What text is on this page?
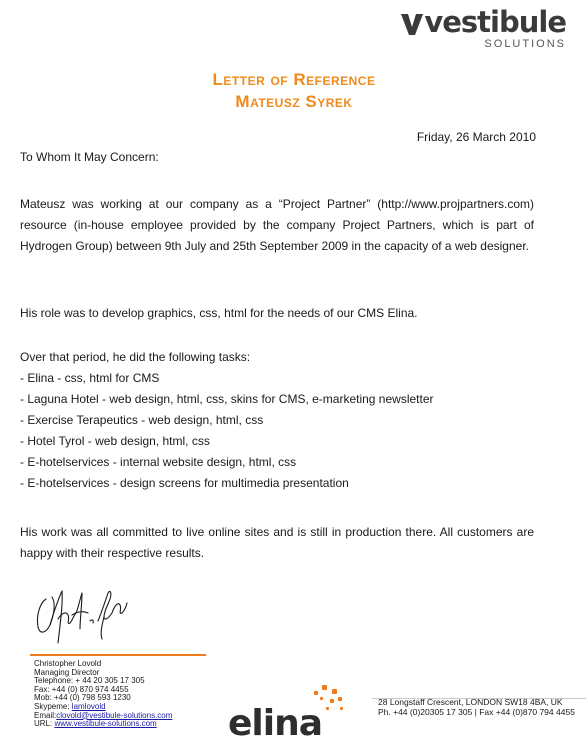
vestibule
SOLUTIONS
Letter of Reference
Mateusz Syrek
Friday, 26 March 2010
To Whom It May Concern:
Mateusz was working at our company as a “Project Partner” (http://www.projpartners.com) resource (in-house employee provided by the company Project Partners, which is part of Hydrogen Group) between 9th July and 25th September 2009 in the capacity of a web designer.
His role was to develop graphics, css, html for the needs of our CMS Elina.
Over that period, he did the following tasks:
- Elina - css, html for CMS
- Laguna Hotel - web design, html, css, skins for CMS, e-marketing newsletter
- Exercise Terapeutics - web design, html, css
- Hotel Tyrol - web design, html, css
- E-hotelservices - internal website design, html, css
- E-hotelservices - design screens for multimedia presentation
His work was all committed to live online sites and is still in production there. All customers are happy with their respective results.
Christopher Lovold
Managing Director
Telephone: + 44 20 305 17 305
Fax: +44 (0) 870 974 4455
Mob: +44 (0) 798 593 1230
Skypeme: lamlovold
Email:clovold@vestibule-solutions.com
URL: www.vestibule-solutions.com	elina
28 Longstaff Crescent, LONDON SW18 4BA, UK
Ph. +44 (0)20305 17 305 | Fax +44 (0)870 794 4455
